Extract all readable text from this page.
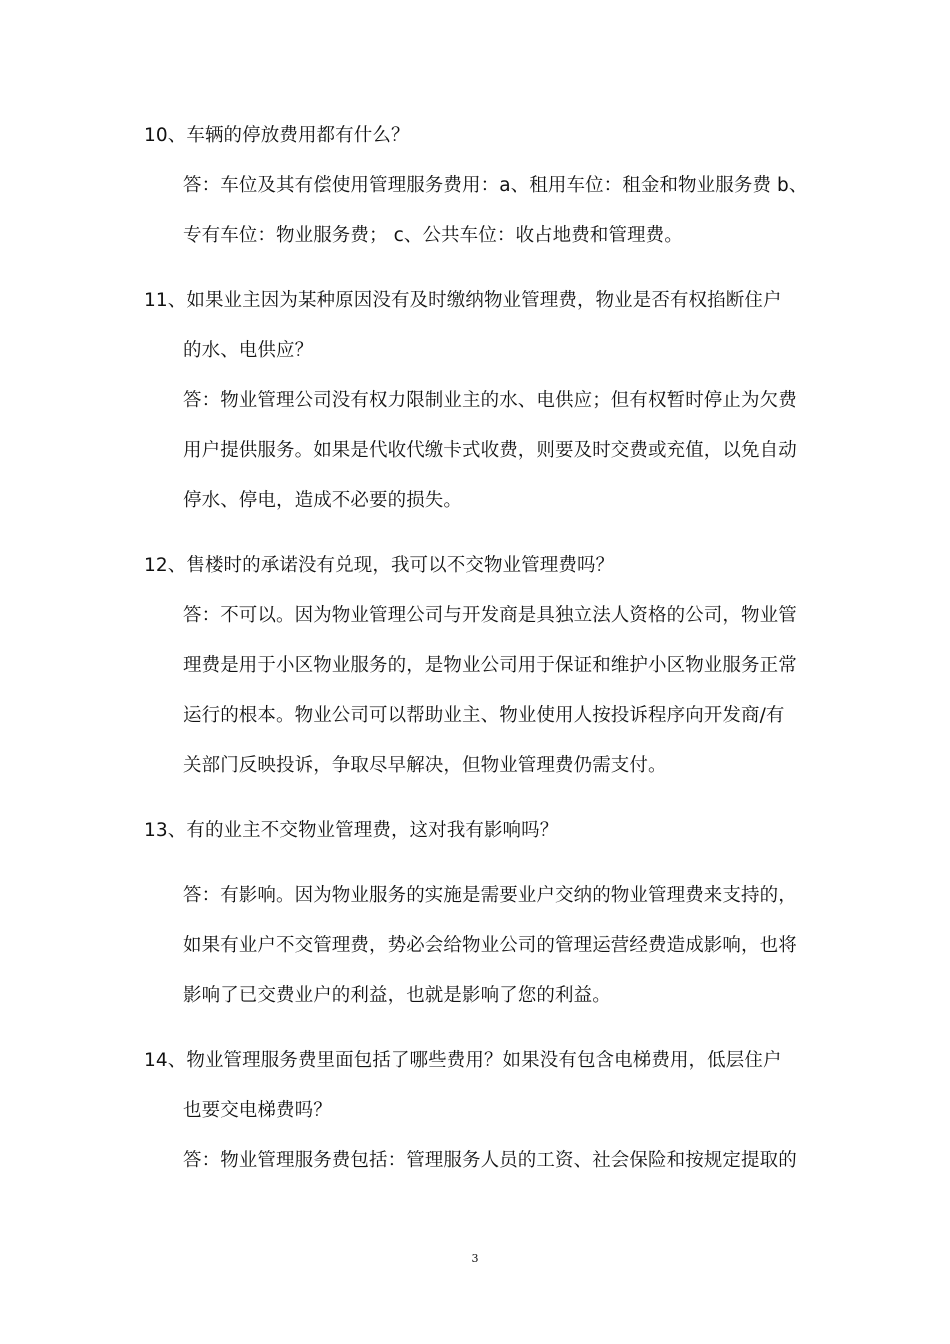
10、车辆的停放费用都有什么？
答：车位及其有偿使用管理服务费用：a、租用车位：租金和物业服务费 b、
专有车位：物业服务费； c、公共车位：收占地费和管理费。
11、如果业主因为某种原因没有及时缴纳物业管理费，物业是否有权掐断住户
的水、电供应？
答：物业管理公司没有权力限制业主的水、电供应；但有权暂时停止为欠费
用户提供服务。如果是代收代缴卡式收费，则要及时交费或充值，以免自动
停水、停电，造成不必要的损失。
12、售楼时的承诺没有兑现，我可以不交物业管理费吗？
答：不可以。因为物业管理公司与开发商是具独立法人资格的公司，物业管
理费是用于小区物业服务的，是物业公司用于保证和维护小区物业服务正常
运行的根本。物业公司可以帮助业主、物业使用人按投诉程序向开发商/有
关部门反映投诉，争取尽早解决，但物业管理费仍需支付。
13、有的业主不交物业管理费，这对我有影响吗？
答：有影响。因为物业服务的实施是需要业户交纳的物业管理费来支持的，
如果有业户不交管理费，势必会给物业公司的管理运营经费造成影响，也将
影响了已交费业户的利益，也就是影响了您的利益。
14、物业管理服务费里面包括了哪些费用？如果没有包含电梯费用，低层住户
也要交电梯费吗？
答：物业管理服务费包括：管理服务人员的工资、社会保险和按规定提取的
3
